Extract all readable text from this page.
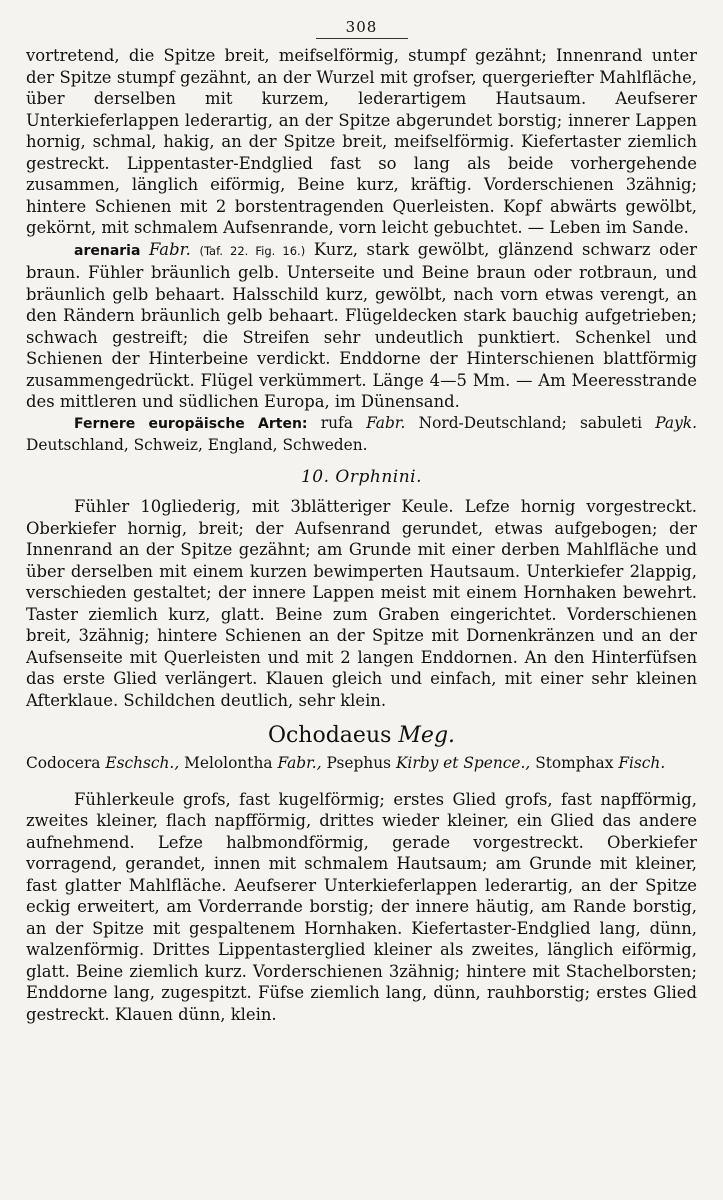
308

vortretend, die Spitze breit, meifselförmig, stumpf gezähnt; Innenrand unter der Spitze stumpf gezähnt, an der Wurzel mit grofser, quergeriefter Mahlfläche, über derselben mit kurzem, lederartigem Hautsaum. Aeufserer Unterkieferlappen lederartig, an der Spitze abgerundet borstig; innerer Lappen hornig, schmal, hakig, an der Spitze breit, meifselförmig. Kiefertaster ziemlich gestreckt. Lippentaster-Endglied fast so lang als beide vorhergehende zusammen, länglich eiförmig, Beine kurz, kräftig. Vorderschienen 3zähnig; hintere Schienen mit 2 borstentragenden Querleisten. Kopf abwärts gewölbt, gekörnt, mit schmalem Aufsenrande, vorn leicht gebuchtet. — Leben im Sande.

arenaria Fabr. (Taf. 22. Fig. 16.) Kurz, stark gewölbt, glänzend schwarz oder braun. Fühler bräunlich gelb. Unterseite und Beine braun oder rotbraun, und bräunlich gelb behaart. Halsschild kurz, gewölbt, nach vorn etwas verengt, an den Rändern bräunlich gelb behaart. Flügeldecken stark bauchig aufgetrieben; schwach gestreift; die Streifen sehr undeutlich punktiert. Schenkel und Schienen der Hinterbeine verdickt. Enddorne der Hinterschienen blattförmig zusammengedrückt. Flügel verkümmert. Länge 4—5 Mm. — Am Meeresstrande des mittleren und südlichen Europa, im Dünensand.

Fernere europäische Arten: rufa Fabr. Nord-Deutschland; sabuleti Payk. Deutschland, Schweiz, England, Schweden.

10. Orphnini.

Fühler 10gliederig, mit 3blätteriger Keule. Lefze hornig vorgestreckt. Oberkiefer hornig, breit; der Aufsenrand gerundet, etwas aufgebogen; der Innenrand an der Spitze gezähnt; am Grunde mit einer derben Mahlfläche und über derselben mit einem kurzen bewimperten Hautsaum. Unterkiefer 2lappig, verschieden gestaltet; der innere Lappen meist mit einem Hornhaken bewehrt. Taster ziemlich kurz, glatt. Beine zum Graben eingerichtet. Vorderschienen breit, 3zähnig; hintere Schienen an der Spitze mit Dornenkränzen und an der Aufsenseite mit Querleisten und mit 2 langen Enddornen. An den Hinterfüfsen das erste Glied verlängert. Klauen gleich und einfach, mit einer sehr kleinen Afterklaue. Schildchen deutlich, sehr klein.

Ochodaeus Meg.
Codocera Eschsch., Melolontha Fabr., Psephus Kirby et Spence., Stomphax Fisch.

Fühlerkeule grofs, fast kugelförmig; erstes Glied grofs, fast napfförmig, zweites kleiner, flach napfförmig, drittes wieder kleiner, ein Glied das andere aufnehmend. Lefze halbmondförmig, gerade vorgestreckt. Oberkiefer vorragend, gerandet, innen mit schmalem Hautsaum; am Grunde mit kleiner, fast glatter Mahlfläche. Aeufserer Unterkieferlappen lederartig, an der Spitze eckig erweitert, am Vorderrande borstig; der innere häutig, am Rande borstig, an der Spitze mit gespaltenem Hornhaken. Kiefertaster-Endglied lang, dünn, walzenförmig. Drittes Lippentasterglied kleiner als zweites, länglich eiförmig, glatt. Beine ziemlich kurz. Vorderschienen 3zähnig; hintere mit Stachelborsten; Enddorne lang, zugespitzt. Füfse ziemlich lang, dünn, rauhborstig; erstes Glied gestreckt. Klauen dünn, klein.
